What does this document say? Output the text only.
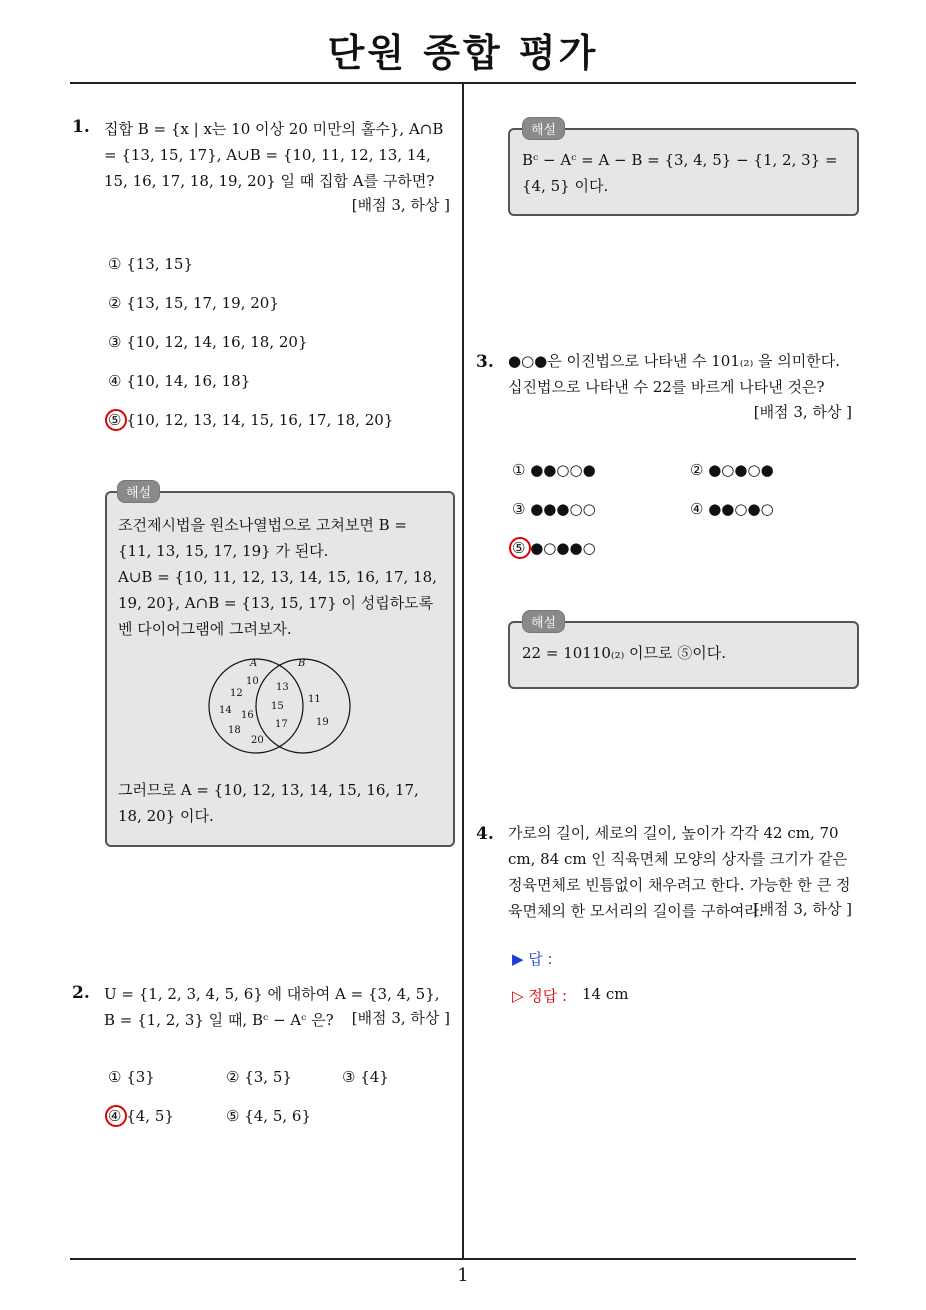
단원 종합 평가
1. 집합 B = {x | x는 10 이상 20 미만의 홀수}, A∩B = {13, 15, 17}, A∪B = {10, 11, 12, 13, 14, 15, 16, 17, 18, 19, 20} 일 때 집합 A를 구하면?
[배점 3, 하상 ]
① {13, 15}
② {13, 15, 17, 19, 20}
③ {10, 12, 14, 16, 18, 20}
④ {10, 14, 16, 18}
⑤ {10, 12, 13, 14, 15, 16, 17, 18, 20}
해설
조건제시법을 원소나열법으로 고쳐보면 B = {11, 13, 15, 17, 19} 가 된다.
A∪B = {10, 11, 12, 13, 14, 15, 16, 17, 18, 19, 20}, A∩B = {13, 15, 17} 이 성립하도록 벤 다이어그램에 그려보자.
A	B
10
12
13
14 16
15
18
17
20
11
19
그러므로 A = {10, 12, 13, 14, 15, 16, 17, 18, 20} 이다.
2. U = {1, 2, 3, 4, 5, 6} 에 대하여 A = {3, 4, 5}, B = {1, 2, 3} 일 때, Bᶜ − Aᶜ 은?	[배점 3, 하상 ]
① {3}	② {3, 5}	③ {4}
④ {4, 5}	⑤ {4, 5, 6}
해설
Bᶜ − Aᶜ = A − B = {3, 4, 5} − {1, 2, 3} = {4, 5} 이다.
3. ●○●은 이진법으로 나타낸 수 101₍₂₎ 을 의미한다.
십진법으로 나타낸 수 22를 바르게 나타낸 것은?
[배점 3, 하상 ]
① ●●○○●	② ●○●○●
③ ●●●○○	④ ●●○●○
⑤ ●○●●○
해설
22 = 10110₍₂₎ 이므로 ⑤이다.
4. 가로의 길이, 세로의 길이, 높이가 각각 42 cm, 70 cm, 84 cm 인 직육면체 모양의 상자를 크기가 같은 정육면체로 빈틈없이 채우려고 한다. 가능한 한 큰 정육면체의 한 모서리의 길이를 구하여라.
[배점 3, 하상 ]
▶ 답 :
▷ 정답 : 14 cm
1
